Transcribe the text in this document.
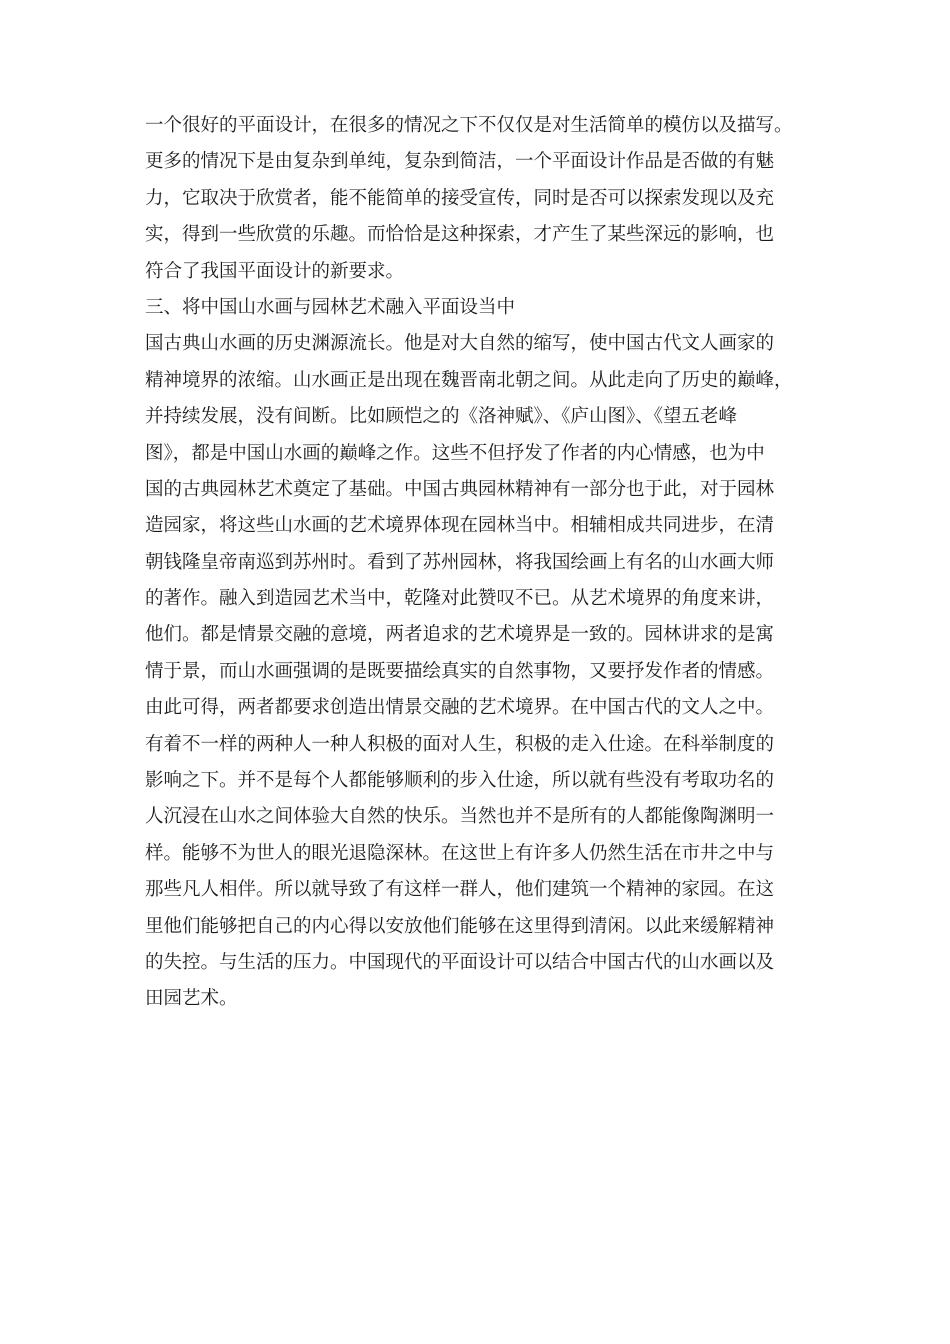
一个很好的平面设计，在很多的情况之下不仅仅是对生活简单的模仿以及描写。
更多的情况下是由复杂到单纯，复杂到简洁，一个平面设计作品是否做的有魅
力，它取决于欣赏者，能不能简单的接受宣传，同时是否可以探索发现以及充
实，得到一些欣赏的乐趣。而恰恰是这种探索，才产生了某些深远的影响，也
符合了我国平面设计的新要求。
三、将中国山水画与园林艺术融入平面设当中
国古典山水画的历史渊源流长。他是对大自然的缩写，使中国古代文人画家的
精神境界的浓缩。山水画正是出现在魏晋南北朝之间。从此走向了历史的巅峰，
并持续发展，没有间断。比如顾恺之的《洛神赋》、《庐山图》、《望五老峰
图》，都是中国山水画的巅峰之作。这些不但抒发了作者的内心情感，也为中
国的古典园林艺术奠定了基础。中国古典园林精神有一部分也于此，对于园林
造园家，将这些山水画的艺术境界体现在园林当中。相辅相成共同进步，在清
朝钱隆皇帝南巡到苏州时。看到了苏州园林，将我国绘画上有名的山水画大师
的著作。融入到造园艺术当中，乾隆对此赞叹不已。从艺术境界的角度来讲，
他们。都是情景交融的意境，两者追求的艺术境界是一致的。园林讲求的是寓
情于景，而山水画强调的是既要描绘真实的自然事物，又要抒发作者的情感。
由此可得，两者都要求创造出情景交融的艺术境界。在中国古代的文人之中。
有着不一样的两种人一种人积极的面对人生，积极的走入仕途。在科举制度的
影响之下。并不是每个人都能够顺利的步入仕途，所以就有些没有考取功名的
人沉浸在山水之间体验大自然的快乐。当然也并不是所有的人都能像陶渊明一
样。能够不为世人的眼光退隐深林。在这世上有许多人仍然生活在市井之中与
那些凡人相伴。所以就导致了有这样一群人，他们建筑一个精神的家园。在这
里他们能够把自己的内心得以安放他们能够在这里得到清闲。以此来缓解精神
的失控。与生活的压力。中国现代的平面设计可以结合中国古代的山水画以及
田园艺术。
